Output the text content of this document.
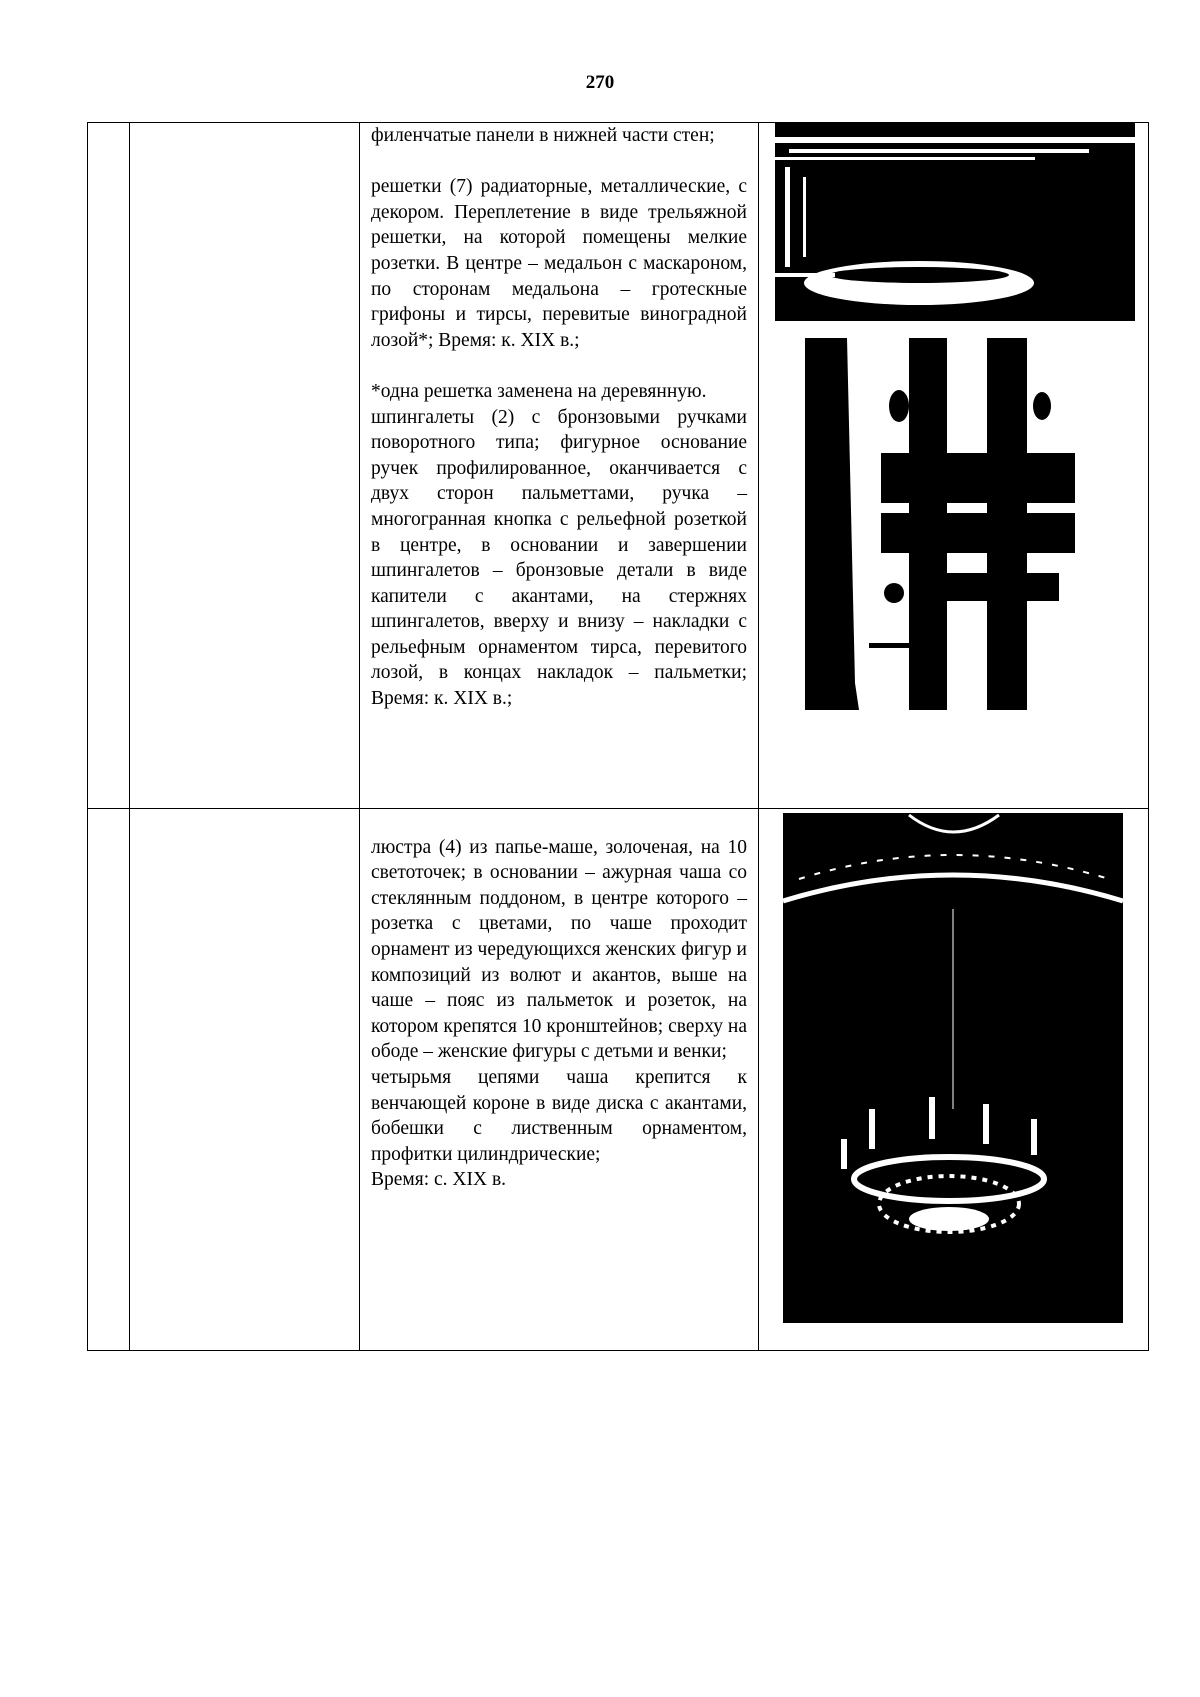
270

		филенчатые панели в нижней части стен;

решетки (7) радиаторные, металлические, с декором. Переплетение в виде трельяжной решетки, на которой помещены мелкие розетки. В центре – медальон с маскароном, по сторонам медальона – гротескные грифоны и тирсы, перевитые виноградной лозой*; Время: к. XIX в.;

*одна решетка заменена на деревянную.

шпингалеты (2) с бронзовыми ручками поворотного типа; фигурное основание ручек профилированное, оканчивается с двух сторон пальметтами, ручка – многогранная кнопка с рельефной розеткой в центре, в основании и завершении шпингалетов – бронзовые детали в виде капители с акантами, на стержнях шпингалетов, вверху и внизу – накладки с рельефным орнаментом тирса, перевитого лозой, в концах накладок – пальметки; Время: к. XIX в.;

		люстра (4) из папье-маше, золоченая, на 10 светоточек; в основании – ажурная чаша со стеклянным поддоном, в центре которого – розетка с цветами, по чаше проходит орнамент из чередующихся женских фигур и композиций из волют и акантов, выше на чаше – пояс из пальметок и розеток, на котором крепятся 10 кронштейнов; сверху на ободе – женские фигуры с детьми и венки;

четырьмя цепями чаша крепится к венчающей короне в виде диска с акантами, бобешки с лиственным орнаментом, профитки цилиндрические;

Время: с. XIX в.
